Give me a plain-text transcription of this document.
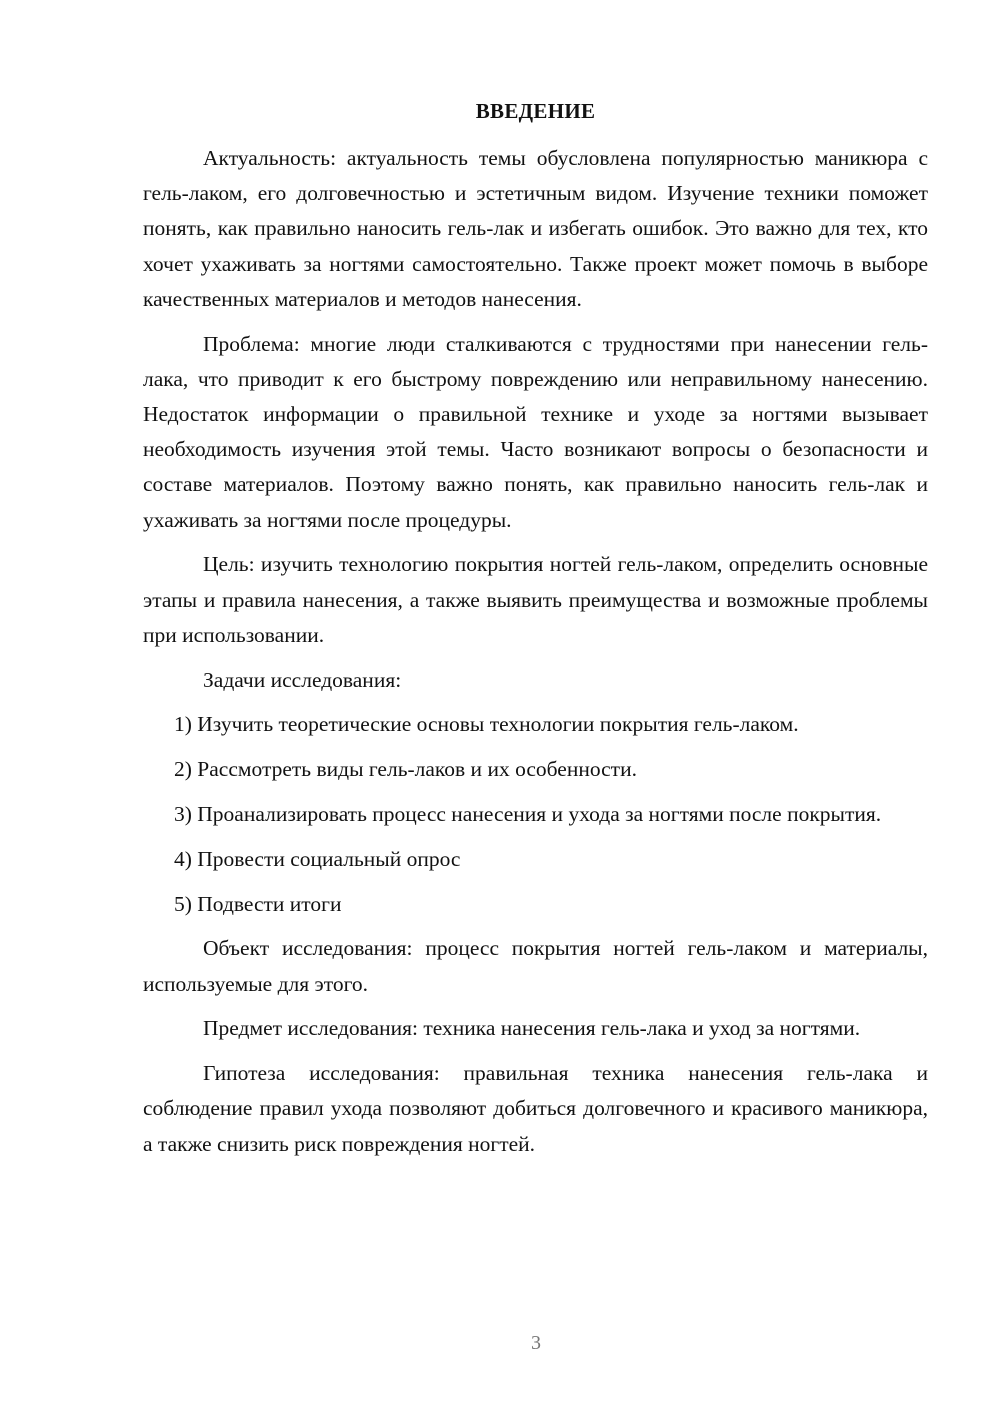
ВВЕДЕНИЕ

Актуальность: актуальность темы обусловлена популярностью маникюра с гель-лаком, его долговечностью и эстетичным видом. Изучение техники поможет понять, как правильно наносить гель-лак и избегать ошибок. Это важно для тех, кто хочет ухаживать за ногтями самостоятельно. Также проект может помочь в выборе качественных материалов и методов нанесения.

Проблема: многие люди сталкиваются с трудностями при нанесении гель-лака, что приводит к его быстрому повреждению или неправильному нанесению. Недостаток информации о правильной технике и уходе за ногтями вызывает необходимость изучения этой темы. Часто возникают вопросы о безопасности и составе материалов. Поэтому важно понять, как правильно наносить гель-лак и ухаживать за ногтями после процедуры.

Цель: изучить технологию покрытия ногтей гель-лаком, определить основные этапы и правила нанесения, а также выявить преимущества и возможные проблемы при использовании.

Задачи исследования:

1) Изучить теоретические основы технологии покрытия гель-лаком.

2) Рассмотреть виды гель-лаков и их особенности.

3) Проанализировать процесс нанесения и ухода за ногтями после покрытия.

4) Провести социальный опрос

5) Подвести итоги

Объект исследования: процесс покрытия ногтей гель-лаком и материалы, используемые для этого.

Предмет исследования: техника нанесения гель-лака и уход за ногтями.

Гипотеза исследования: правильная техника нанесения гель-лака и соблюдение правил ухода позволяют добиться долговечного и красивого маникюра, а также снизить риск повреждения ногтей.

3
